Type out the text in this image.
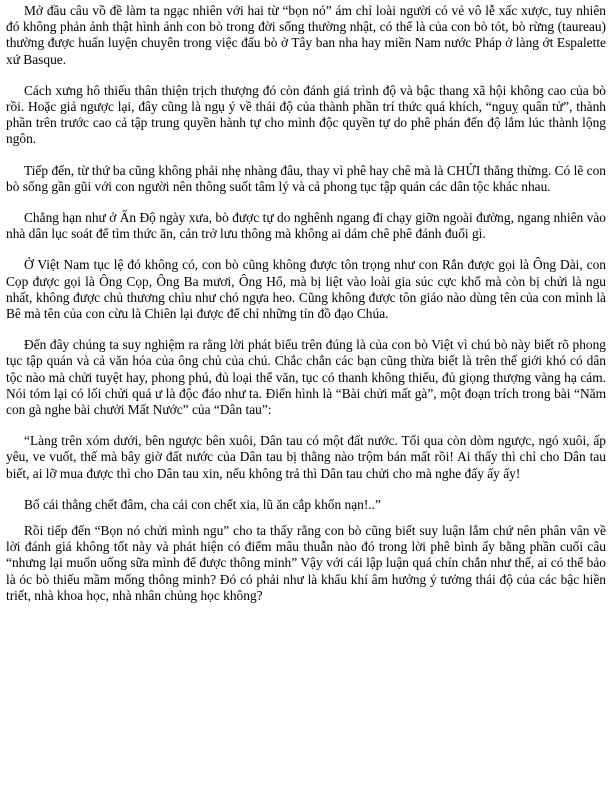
Mở đầu câu vồ đề làm ta ngạc nhiên với hai từ “bọn nó” ám chỉ loài người có vẻ vô lễ xấc xược, tuy nhiên đó không phản ảnh thật hình ảnh con bò trong đời sống thường nhật, có thể là của con bò tót, bò rừng (taureau) thường được huấn luyện chuyên trong việc đấu bò ở Tây ban nha hay miền Nam nước Pháp ở làng ớt Espalette xứ Basque.

Cách xưng hô thiếu thân thiện trịch thượng đó còn đánh giá trình độ và bậc thang xã hội không cao của bò rồi. Hoặc giả ngược lại, đây cũng là ngụ ý về thái độ của thành phần trí thức quá khích, “nguỵ quân tử”, thành phần trên trước cao cả tập trung quyền hành tự cho mình độc quyền tự do phê phán đến độ lắm lúc thành lộng ngôn.

Tiếp đến, từ thứ ba cũng không phải nhẹ nhàng đâu, thay vì phê hay chê mà là CHỬI thẳng thừng. Có lẽ con bò sống gần gũi với con người nên thông suốt tâm lý và cả phong tục tập quán các dân tộc khác nhau.

Chẳng hạn như ở Ấn Độ ngày xưa, bò được tự do nghênh ngang đi chạy giỡn ngoài đường, ngang nhiên vào nhà dân lục soát để tìm thức ăn, cản trở lưu thông mà không ai dám chê phê đánh đuổi gì.

Ở Việt Nam tục lệ đó không có, con bò cũng không được tôn trọng như con Rắn được gọi là Ông Dài, con Cọp được gọi là Ông Cọp, Ông Ba mươi, Ông Hổ, mà bị liệt vào loài gia súc cực khổ mà còn bị chửi là ngu nhất, không được chủ thương chìu như chó ngựa heo. Cũng không được tôn giáo nào dùng tên của con mình là Bê mà tên của con cừu là Chiên lại được để chỉ những tín đồ đạo Chúa.

Đến đây chúng ta suy nghiệm ra rằng lời phát biểu trên đúng là của con bò Việt vì chú bò này biết rõ phong tục tập quán và cả văn hóa của ông chủ của chú. Chắc chắn các bạn cũng thừa biết là trên thế giới khó có dân tộc nào mà chửi tuyệt hay, phong phú, đủ loại thể văn, tục có thanh không thiếu, đủ giọng thượng vàng hạ cám. Nói tóm lại có lối chửi quá ư là độc đáo như ta. Điển hình là “Bài chửi mất gà”, một đoạn trích trong bài “Năm con gà nghe bài chưởi Mất Nước” của “Dân tau”:

“Làng trên xóm dưới, bên ngược bên xuôi, Dân tau có một đất nước. Tối qua còn dòm ngược, ngó xuôi, ấp yêu, ve vuốt, thế mà bây giờ đất nước của Dân tau bị thằng nào trộm bán mất rồi! Ai thấy thì chỉ cho Dân tau biết, ai lỡ mua được thì cho Dân tau xin, nếu không trả thì Dân tau chửi cho mà nghe đấy ấy ấy!

Bố cái thằng chết đâm, cha cái con chết xia, lũ ăn cắp khốn nạn!..”

Rồi tiếp đến “Bọn nó chửi mình ngu” cho ta thấy rằng con bò cũng biết suy luận lắm chứ nên phân vân về lời đánh giá không tốt này và phát hiện có điểm mâu thuẫn nào đó trong lời phê bình ấy bằng phần cuối câu “nhưng lại muốn uống sữa mình để được thông minh” Vậy với cái lập luận quá chín chắn như thế, ai có thể bảo là óc bò thiếu mầm mống thông minh? Đó có phải như là khẩu khí âm hưởng ý tưởng thái độ của các bậc hiền triết, nhà khoa học, nhà nhân chủng học không?
